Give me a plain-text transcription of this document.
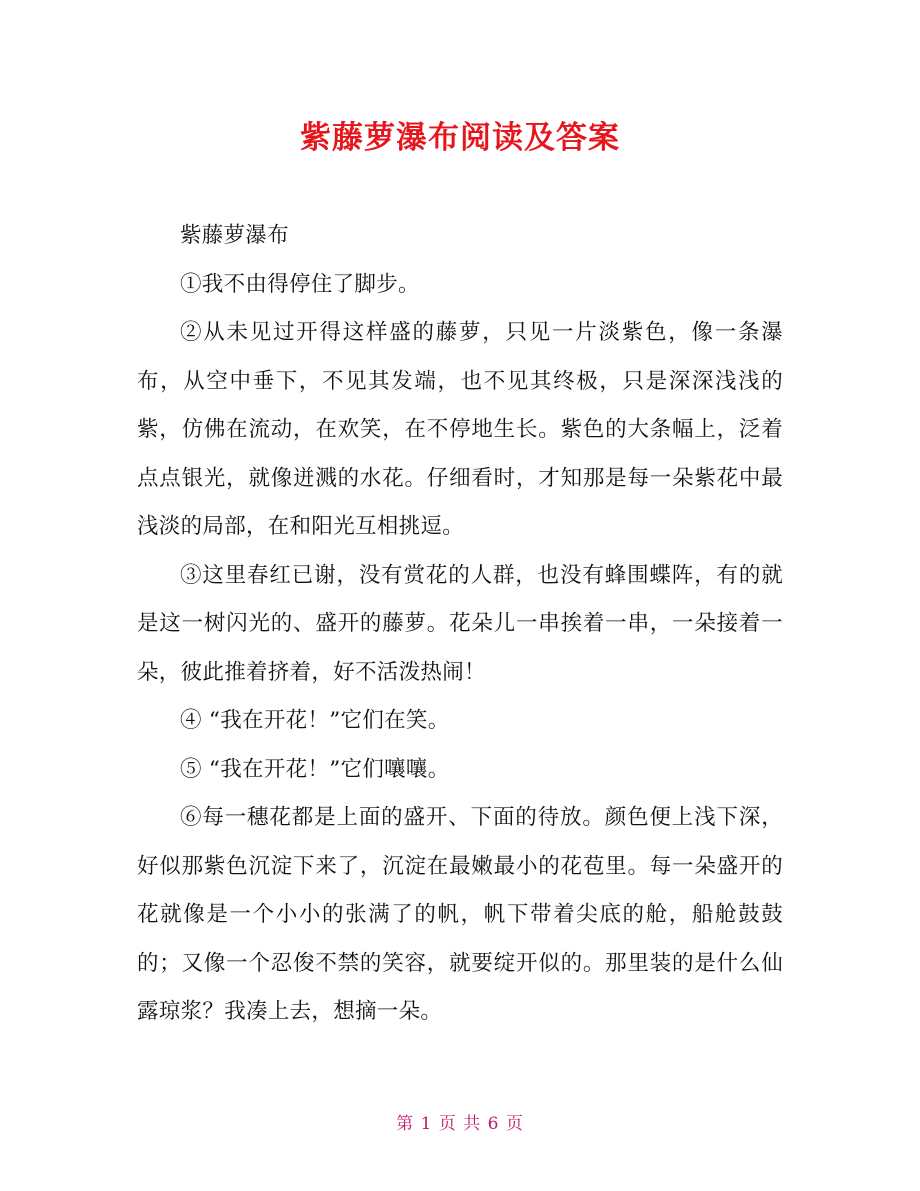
紫藤萝瀑布阅读及答案

紫藤萝瀑布

①我不由得停住了脚步。

②从未见过开得这样盛的藤萝，只见一片淡紫色，像一条瀑布，从空中垂下，不见其发端，也不见其终极，只是深深浅浅的紫，仿佛在流动，在欢笑，在不停地生长。紫色的大条幅上，泛着点点银光，就像迸溅的水花。仔细看时，才知那是每一朵紫花中最浅淡的局部，在和阳光互相挑逗。

③这里春红已谢，没有赏花的人群，也没有蜂围蝶阵，有的就是这一树闪光的、盛开的藤萝。花朵儿一串挨着一串，一朵接着一朵，彼此推着挤着，好不活泼热闹！

④ “我在开花！”它们在笑。

⑤ “我在开花！”它们嚷嚷。

⑥每一穗花都是上面的盛开、下面的待放。颜色便上浅下深，好似那紫色沉淀下来了，沉淀在最嫩最小的花苞里。每一朵盛开的花就像是一个小小的张满了的帆，帆下带着尖底的舱，船舱鼓鼓的；又像一个忍俊不禁的笑容，就要绽开似的。那里装的是什么仙露琼浆？我凑上去，想摘一朵。

第 1 页 共 6 页
